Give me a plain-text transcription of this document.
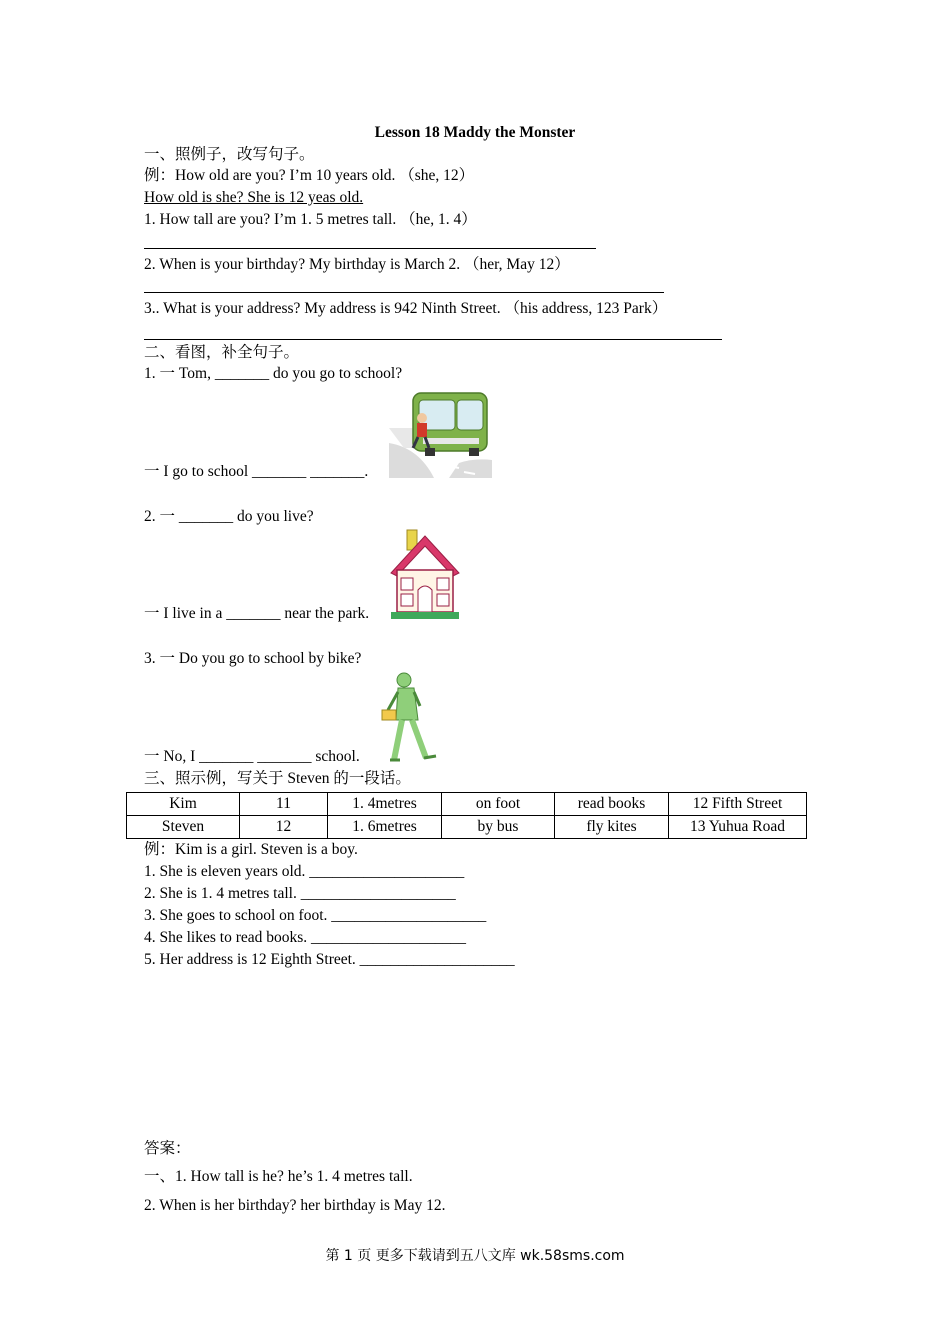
Lesson 18 Maddy the Monster
一、照例子，改写句子。
例：How old are you? I’m 10 years old. （she, 12）
How old is she? She is 12 yeas old.
1. How tall are you? I’m 1. 5 metres tall. （he, 1. 4）
2. When is your birthday? My birthday is March 2. （her, May 12）
3.. What is your address? My address is 942 Ninth Street. （his address, 123 Park）
二、看图，补全句子。
1. 一 Tom, _______ do you go to school?
一 I go to school _______ _______.
2. 一 _______ do you live?
一 I live in a _______ near the park.
3. 一 Do you go to school by bike?
一 No, I _______ _______ school.
三、照示例，写关于 Steven 的一段话。
Kim	11	1. 4metres	on foot	read books	12 Fifth Street
Steven	12	1. 6metres	by bus	fly kites	13 Yuhua Road
例：Kim is a girl. Steven is a boy.
1. She is eleven years old. ____________________
2. She is 1. 4 metres tall. ____________________
3. She goes to school on foot. ____________________
4. She likes to read books. ____________________
5. Her address is 12 Eighth Street. ____________________
答案：
一、1. How tall is he? he’s 1. 4 metres tall.
2. When is her birthday? her birthday is May 12.
第 1 页 更多下载请到五八文库 wk.58sms.com
